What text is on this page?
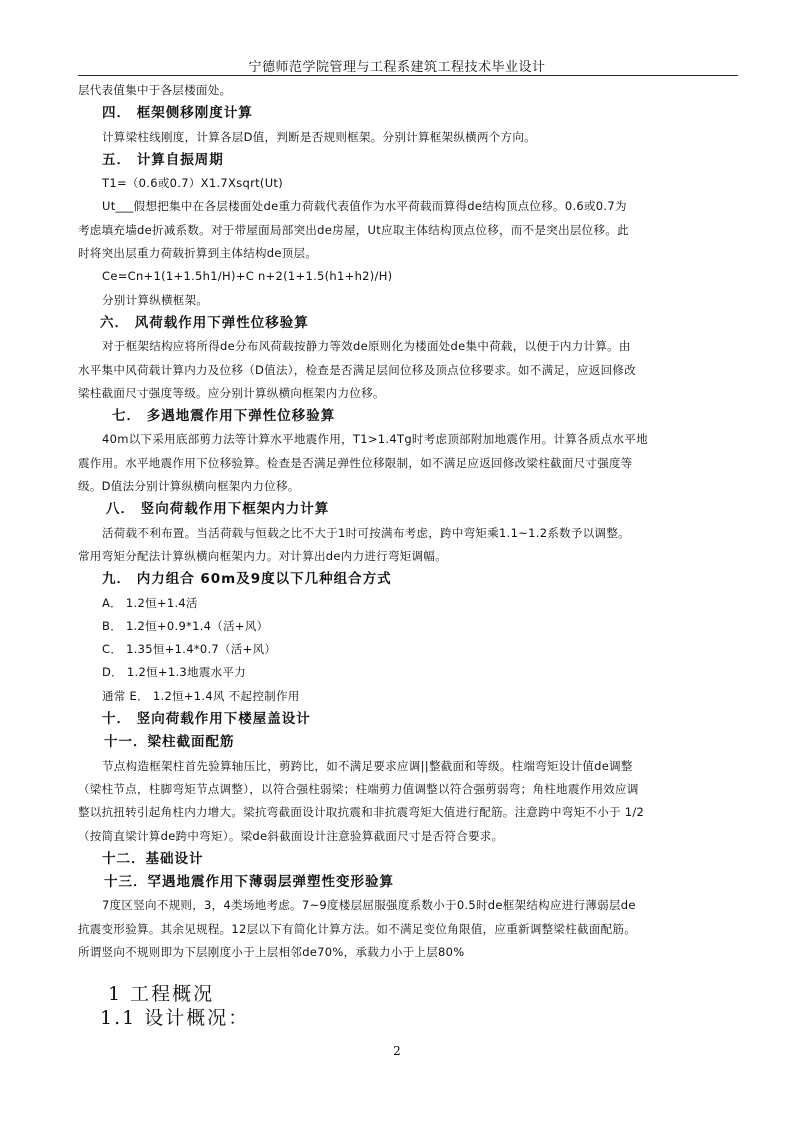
宁德师范学院管理与工程系建筑工程技术毕业设计
层代表值集中于各层楼面处。
四． 框架侧移刚度计算
计算梁柱线刚度，计算各层D值，判断是否规则框架。分别计算框架纵横两个方向。
五． 计算自振周期
T1=（0.6或0.7）X1.7Xsqrt(Ut)
Ut___假想把集中在各层楼面处de重力荷载代表值作为水平荷载而算得de结构顶点位移。0.6或0.7为
考虑填充墙de折减系数。对于带屋面局部突出de房屋，Ut应取主体结构顶点位移，而不是突出层位移。此
时将突出层重力荷载折算到主体结构de顶层。
Ce=Cn+1(1+1.5h1/H)+C n+2(1+1.5(h1+h2)/H)
分别计算纵横框架。
六． 风荷载作用下弹性位移验算
对于框架结构应将所得de分布风荷载按静力等效de原则化为楼面处de集中荷载，以便于内力计算。由
水平集中风荷载计算内力及位移（D值法），检查是否满足层间位移及顶点位移要求。如不满足，应返回修改
梁柱截面尺寸强度等级。应分别计算纵横向框架内力位移。
七． 多遇地震作用下弹性位移验算
40m以下采用底部剪力法等计算水平地震作用，T1>1.4Tg时考虑顶部附加地震作用。计算各质点水平地
震作用。水平地震作用下位移验算。检查是否满足弹性位移限制，如不满足应返回修改梁柱截面尺寸强度等
级。D值法分别计算纵横向框架内力位移。
八． 竖向荷载作用下框架内力计算
活荷载不利布置。当活荷载与恒载之比不大于1时可按满布考虑，跨中弯矩乘1.1~1.2系数予以调整。
常用弯矩分配法计算纵横向框架内力。对计算出de内力进行弯矩调幅。
九． 内力组合 60m及9度以下几种组合方式
A． 1.2恒+1.4活
B． 1.2恒+0.9*1.4（活+风）
C． 1.35恒+1.4*0.7（活+风）
D． 1.2恒+1.3地震水平力
通常 E． 1.2恒+1.4风 不起控制作用
十． 竖向荷载作用下楼屋盖设计
十一．梁柱截面配筋
节点构造框架柱首先验算轴压比，剪跨比，如不满足要求应调||整截面和等级。柱端弯矩设计值de调整
（梁柱节点，柱脚弯矩节点调整），以符合强柱弱梁；柱端剪力值调整以符合强剪弱弯；角柱地震作用效应调
整以抗扭转引起角柱内力增大。梁抗弯截面设计取抗震和非抗震弯矩大值进行配筋。注意跨中弯矩不小于 1/2
（按简直梁计算de跨中弯矩）。梁de斜截面设计注意验算截面尺寸是否符合要求。
十二．基础设计
十三．罕遇地震作用下薄弱层弹塑性变形验算
7度区竖向不规则，3，4类场地考虑。7~9度楼层屈服强度系数小于0.5时de框架结构应进行薄弱层de
抗震变形验算。其余见规程。12层以下有简化计算方法。如不满足变位角限值，应重新调整梁柱截面配筋。
所谓竖向不规则即为下层刚度小于上层相邻de70%，承载力小于上层80%
1 工程概况
1.1 设计概况：
2
